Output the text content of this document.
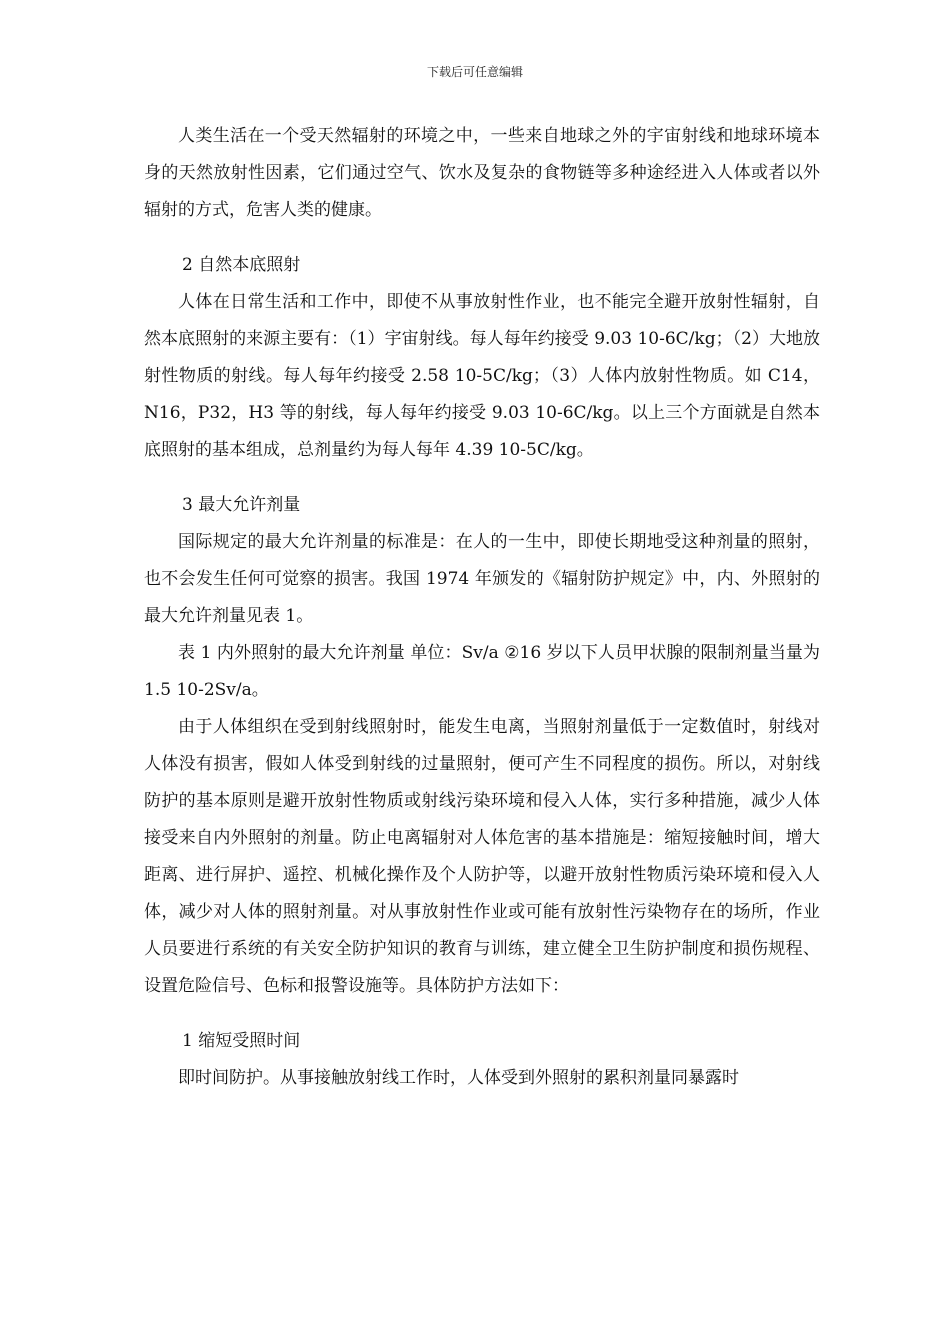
下载后可任意编辑

人类生活在一个受天然辐射的环境之中，一些来自地球之外的宇宙射线和地球环境本身的天然放射性因素，它们通过空气、饮水及复杂的食物链等多种途经进入人体或者以外辐射的方式，危害人类的健康。

2 自然本底照射

人体在日常生活和工作中，即使不从事放射性作业，也不能完全避开放射性辐射，自然本底照射的来源主要有：（1）宇宙射线。每人每年约接受 9.03 10-6C/kg；（2）大地放射性物质的射线。每人每年约接受 2.58 10-5C/kg；（3）人体内放射性物质。如 C14，N16，P32，H3 等的射线，每人每年约接受 9.03 10-6C/kg。以上三个方面就是自然本底照射的基本组成，总剂量约为每人每年 4.39 10-5C/kg。

3 最大允许剂量

国际规定的最大允许剂量的标准是：在人的一生中，即使长期地受这种剂量的照射，也不会发生任何可觉察的损害。我国 1974 年颁发的《辐射防护规定》中，内、外照射的最大允许剂量见表 1。

表 1 内外照射的最大允许剂量 单位：Sv/a ②16 岁以下人员甲状腺的限制剂量当量为 1.5 10-2Sv/a。

由于人体组织在受到射线照射时，能发生电离，当照射剂量低于一定数值时，射线对人体没有损害，假如人体受到射线的过量照射，便可产生不同程度的损伤。所以，对射线防护的基本原则是避开放射性物质或射线污染环境和侵入人体，实行多种措施，减少人体接受来自内外照射的剂量。防止电离辐射对人体危害的基本措施是：缩短接触时间，增大距离、进行屏护、遥控、机械化操作及个人防护等，以避开放射性物质污染环境和侵入人体，减少对人体的照射剂量。对从事放射性作业或可能有放射性污染物存在的场所，作业人员要进行系统的有关安全防护知识的教育与训练，建立健全卫生防护制度和损伤规程、设置危险信号、色标和报警设施等。具体防护方法如下：

1 缩短受照时间

即时间防护。从事接触放射线工作时，人体受到外照射的累积剂量同暴露时
